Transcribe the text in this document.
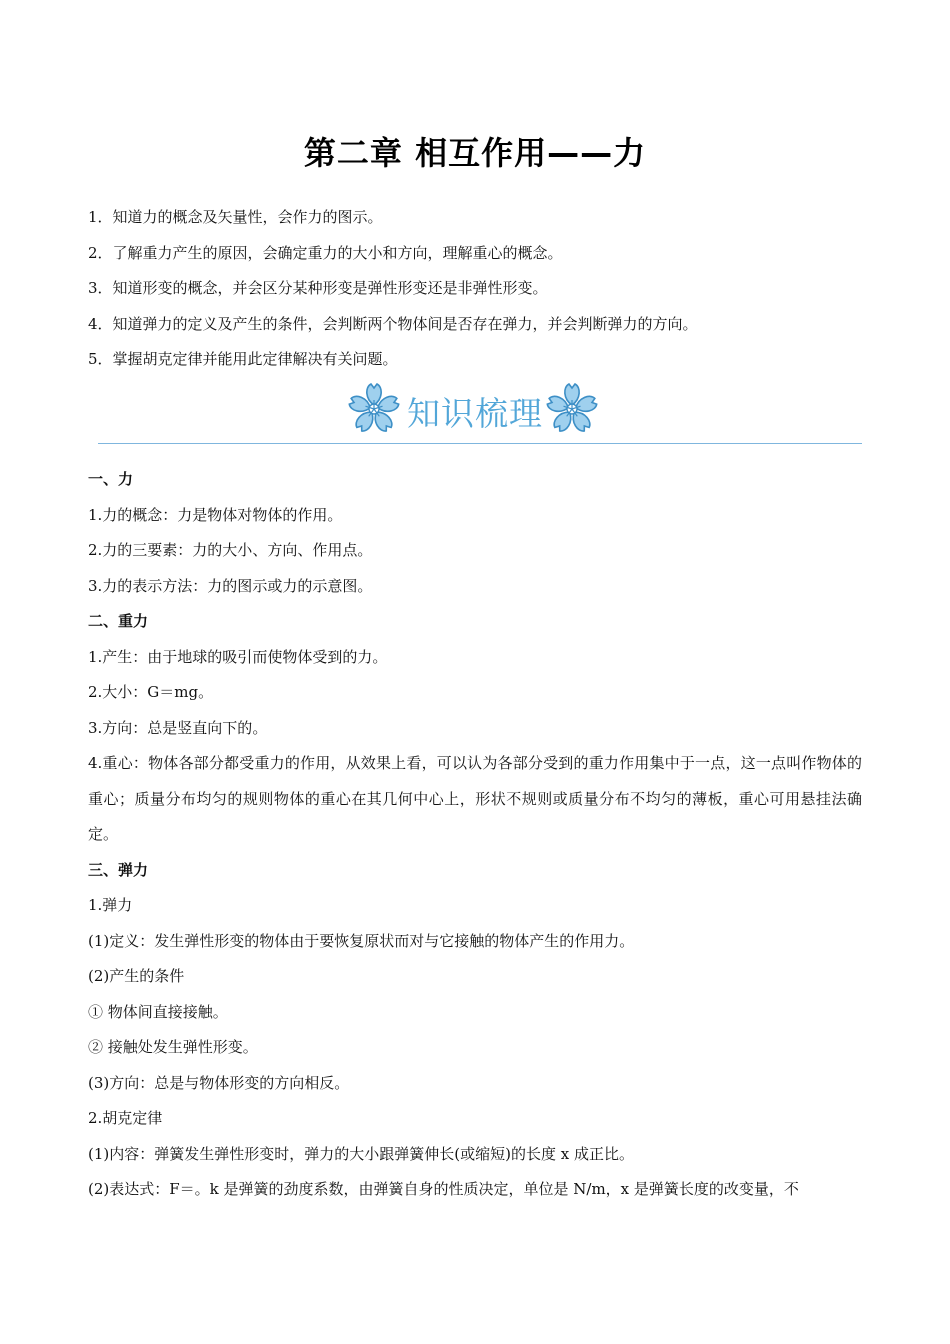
第二章 相互作用——力
1．知道力的概念及矢量性，会作力的图示。
2．了解重力产生的原因，会确定重力的大小和方向，理解重心的概念。
3．知道形变的概念，并会区分某种形变是弹性形变还是非弹性形变。
4．知道弹力的定义及产生的条件，会判断两个物体间是否存在弹力，并会判断弹力的方向。
5．掌握胡克定律并能用此定律解决有关问题。
知识梳理
一、力
1.力的概念：力是物体对物体的作用。
2.力的三要素：力的大小、方向、作用点。
3.力的表示方法：力的图示或力的示意图。
二、重力
1.产生：由于地球的吸引而使物体受到的力。
2.大小：G＝mg。
3.方向：总是竖直向下的。
4.重心：物体各部分都受重力的作用，从效果上看，可以认为各部分受到的重力作用集中于一点，这一点叫作物体的重心；质量分布均匀的规则物体的重心在其几何中心上，形状不规则或质量分布不均匀的薄板，重心可用悬挂法确定。
三、弹力
1.弹力
(1)定义：发生弹性形变的物体由于要恢复原状而对与它接触的物体产生的作用力。
(2)产生的条件
① 物体间直接接触。
② 接触处发生弹性形变。
(3)方向：总是与物体形变的方向相反。
2.胡克定律
(1)内容：弹簧发生弹性形变时，弹力的大小跟弹簧伸长(或缩短)的长度 x 成正比。
(2)表达式：F＝。k 是弹簧的劲度系数，由弹簧自身的性质决定，单位是 N/m，x 是弹簧长度的改变量，不
